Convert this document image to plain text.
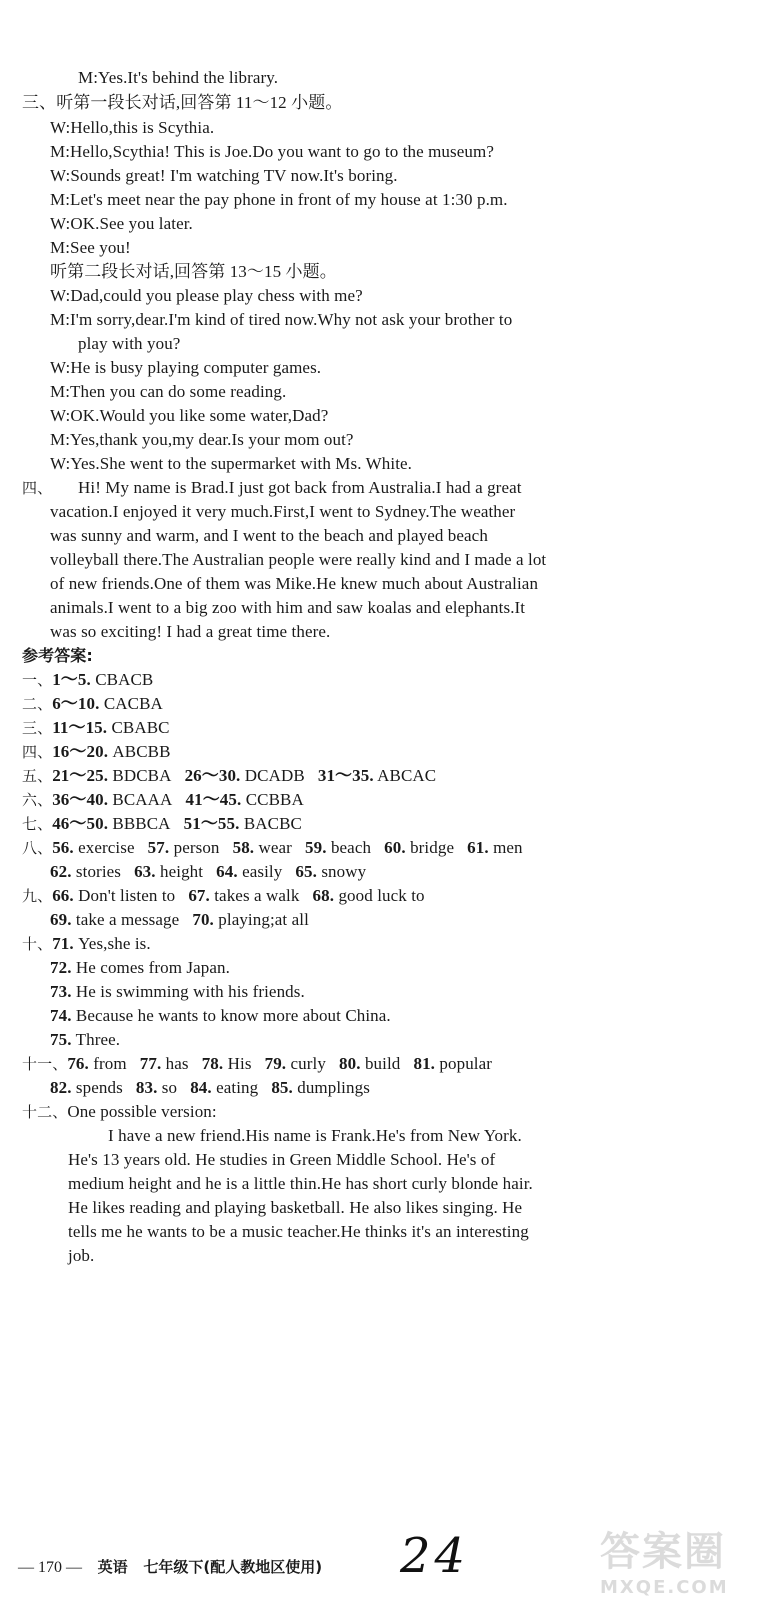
M:Yes.It's behind the library.
三、听第一段长对话,回答第 11～12 小题。
W:Hello,this is Scythia.
M:Hello,Scythia! This is Joe.Do you want to go to the museum?
W:Sounds great! I'm watching TV now.It's boring.
M:Let's meet near the pay phone in front of my house at 1:30 p.m.
W:OK.See you later.
M:See you!
听第二段长对话,回答第 13～15 小题。
W:Dad,could you please play chess with me?
M:I'm sorry,dear.I'm kind of tired now.Why not ask your brother to
play with you?
W:He is busy playing computer games.
M:Then you can do some reading.
W:OK.Would you like some water,Dad?
M:Yes,thank you,my dear.Is your mom out?
W:Yes.She went to the supermarket with Ms. White.
四、 Hi! My name is Brad.I just got back from Australia.I had a great
vacation.I enjoyed it very much.First,I went to Sydney.The weather
was sunny and warm, and I went to the beach and played beach
volleyball there.The Australian people were really kind and I made a lot
of new friends.One of them was Mike.He knew much about Australian
animals.I went to a big zoo with him and saw koalas and elephants.It
was so exciting! I had a great time there.
参考答案:
一、1～5. CBACB
二、6～10. CACBA
三、11～15. CBABC
四、16～20. ABCBB
五、21～25. BDCBA 26～30. DCADB 31～35. ABCAC
六、36～40. BCAAA 41～45. CCBBA
七、46～50. BBBCA 51～55. BACBC
八、56. exercise 57. person 58. wear 59. beach 60. bridge 61. men
62. stories 63. height 64. easily 65. snowy
九、66. Don't listen to 67. takes a walk 68. good luck to
69. take a message 70. playing;at all
十、71. Yes,she is.
72. He comes from Japan.
73. He is swimming with his friends.
74. Because he wants to know more about China.
75. Three.
十一、76. from 77. has 78. His 79. curly 80. build 81. popular
82. spends 83. so 84. eating 85. dumplings
十二、One possible version:
I have a new friend.His name is Frank.He's from New York.
He's 13 years old. He studies in Green Middle School. He's of
medium height and he is a little thin.He has short curly blonde hair.
He likes reading and playing basketball. He also likes singing. He
tells me he wants to be a music teacher.He thinks it's an interesting
job.
— 170 — 英语 七年级下(配人教地区使用) 24	答案圈
MXQE.COM
